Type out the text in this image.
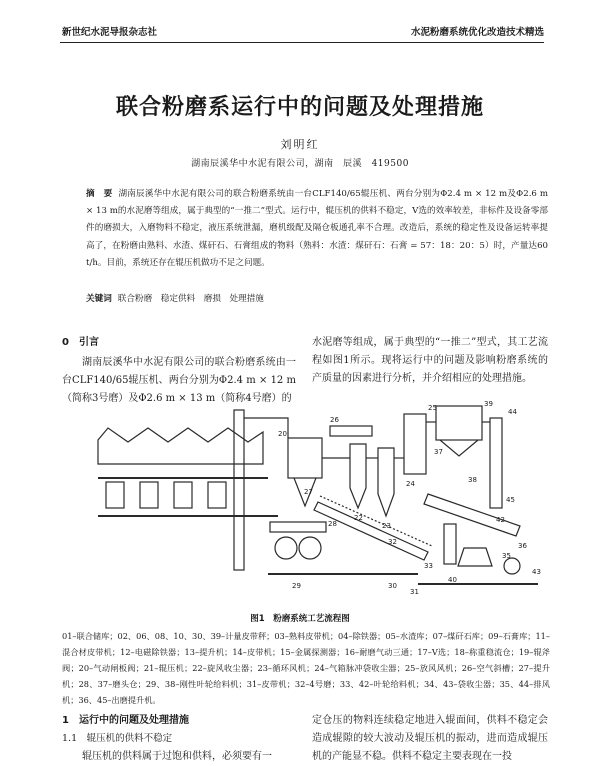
新世纪水泥导报杂志社	水泥粉磨系统优化改造技术精选
联合粉磨系运行中的问题及处理措施
刘明红
湖南辰溪华中水泥有限公司，湖南　辰溪　419500
摘　要 湖南辰溪华中水泥有限公司的联合粉磨系统由一台CLF140/65辊压机、两台分别为Φ2.4 m × 12 m及Φ2.6 m × 13 m的水泥磨等组成，属于典型的“一推二”型式。运行中，辊压机的供料不稳定，V选的效率较差，非标件及设备零部件的磨损大，入磨物料不稳定，液压系统泄漏，磨机级配及隔仓板通孔率不合理。改造后，系统的稳定性及设备运转率提高了，在粉磨由熟料、水渣、煤矸石、石膏组成的物料（熟料：水渣：煤矸石：石膏 = 57：18：20：5）时，产量达60 t/h。目前，系统还存在辊压机做功不足之问题。
关键词 联合粉磨　稳定供料　磨损　处理措施
0　引言
湖南辰溪华中水泥有限公司的联合粉磨系统由一台CLF140/65辊压机、两台分别为Φ2.4 m × 12 m（简称3号磨）及Φ2.6 m × 13 m（简称4号磨）的
水泥磨等组成，属于典型的“一推二”型式，其工艺流程如图1所示。现将运行中的问题及影响粉磨系统的产质量的因素进行分析，并介绍相应的处理措施。
20
22
23
24
25
26
27
28
29	30
31
32
33
35
36
37
38
39
40
42
43
44
45
图1　粉磨系统工艺流程图
01–联合储库；02、06、08、10、30、39–计量皮带秤；03–熟料皮带机；04–除铁器；05–水渣库；07–煤矸石库；09–石膏库；11–混合材皮带机；12–电磁除铁器；13–提升机；14–皮带机；15–金属探测器；16–耐磨气动三通；17–V选；18–称重稳流仓；19–辊斧阀；20–气动闸板阀；21–辊压机；22–旋风收尘器；23–循环风机；24–气箱脉冲袋收尘器；25–放风风机；26–空气斜槽；27–提升机；28、37–磨头仓；29、38–刚性叶轮给料机；31–皮带机；32–4号磨；33、42–叶轮给料机；34、43–袋收尘器；35、44–排风机；36、45–出磨提升机。
1　运行中的问题及处理措施
1.1　辊压机的供料不稳定
辊压机的供料属于过饱和供料，必须要有一
定仓压的物料连续稳定地进入辊面间，供料不稳定会造成辊隙的较大波动及辊压机的振动，进而造成辊压机的产能显不稳。供料不稳定主要表现在一投
